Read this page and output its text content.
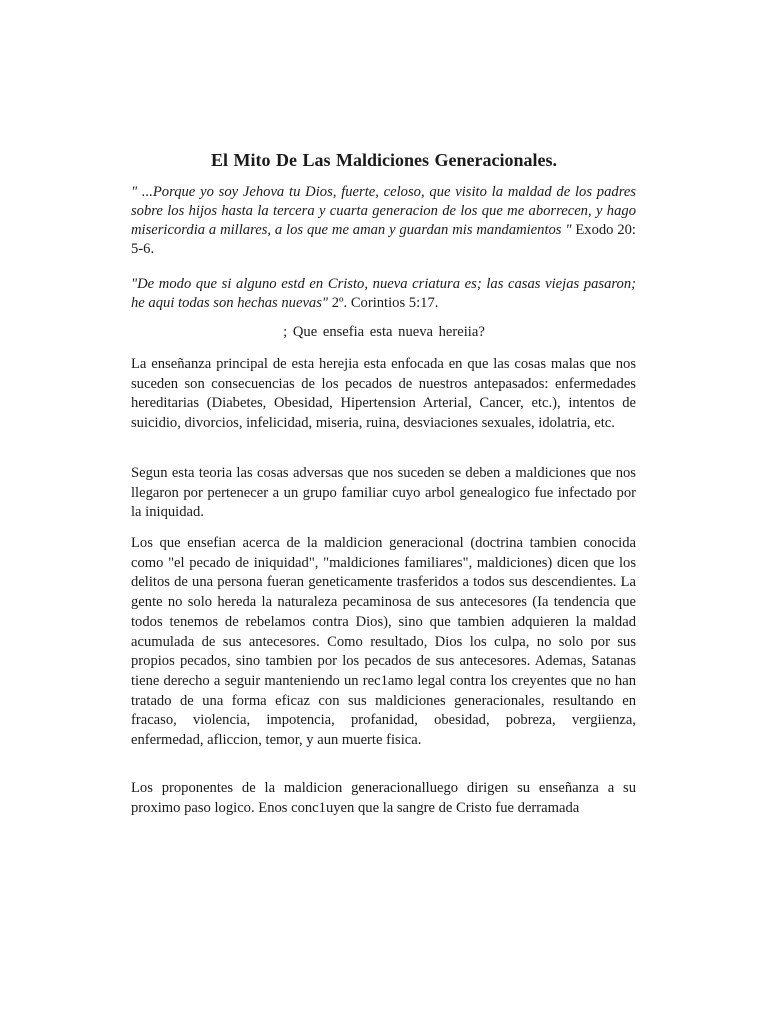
El Mito De Las Maldiciones Generacionales.

" ...Porque yo soy Jehova tu Dios, fuerte, celoso, que visito la maldad de los padres sobre los hijos hasta la tercera y cuarta generacion de los que me aborrecen, y hago misericordia a millares, a los que me aman y guardan mis mandamientos " Exodo 20: 5-6.

"De modo que si alguno estd en Cristo, nueva criatura es; las casas viejas pasaron; he aqui todas son hechas nuevas" 2º. Corintios 5:17.

; Que ensefia esta nueva hereiia?

La enseñanza principal de esta herejia esta enfocada en que las cosas malas que nos suceden son consecuencias de los pecados de nuestros antepasados: enfermedades hereditarias (Diabetes, Obesidad, Hipertension Arterial, Cancer, etc.), intentos de suicidio, divorcios, infelicidad, miseria, ruina, desviaciones sexuales, idolatria, etc.

Segun esta teoria las cosas adversas que nos suceden se deben a maldiciones que nos llegaron por pertenecer a un grupo familiar cuyo arbol genealogico fue infectado por la iniquidad.

Los que ensefian acerca de la maldicion generacional (doctrina tambien conocida como "el pecado de iniquidad", "maldiciones familiares", maldiciones) dicen que los delitos de una persona fueran geneticamente trasferidos a todos sus descendientes. La gente no solo hereda la naturaleza pecaminosa de sus antecesores (Ia tendencia que todos tenemos de rebelamos contra Dios), sino que tambien adquieren la maldad acumulada de sus antecesores. Como resultado, Dios los culpa, no solo por sus propios pecados, sino tambien por los pecados de sus antecesores. Ademas, Satanas tiene derecho a seguir manteniendo un rec1amo legal contra los creyentes que no han tratado de una forma eficaz con sus maldiciones generacionales, resultando en fracaso, violencia, impotencia, profanidad, obesidad, pobreza, vergiienza, enfermedad, afliccion, temor, y aun muerte fisica.

Los proponentes de la maldicion generacionalluego dirigen su enseñanza a su proximo paso logico. Enos conc1uyen que la sangre de Cristo fue derramada
